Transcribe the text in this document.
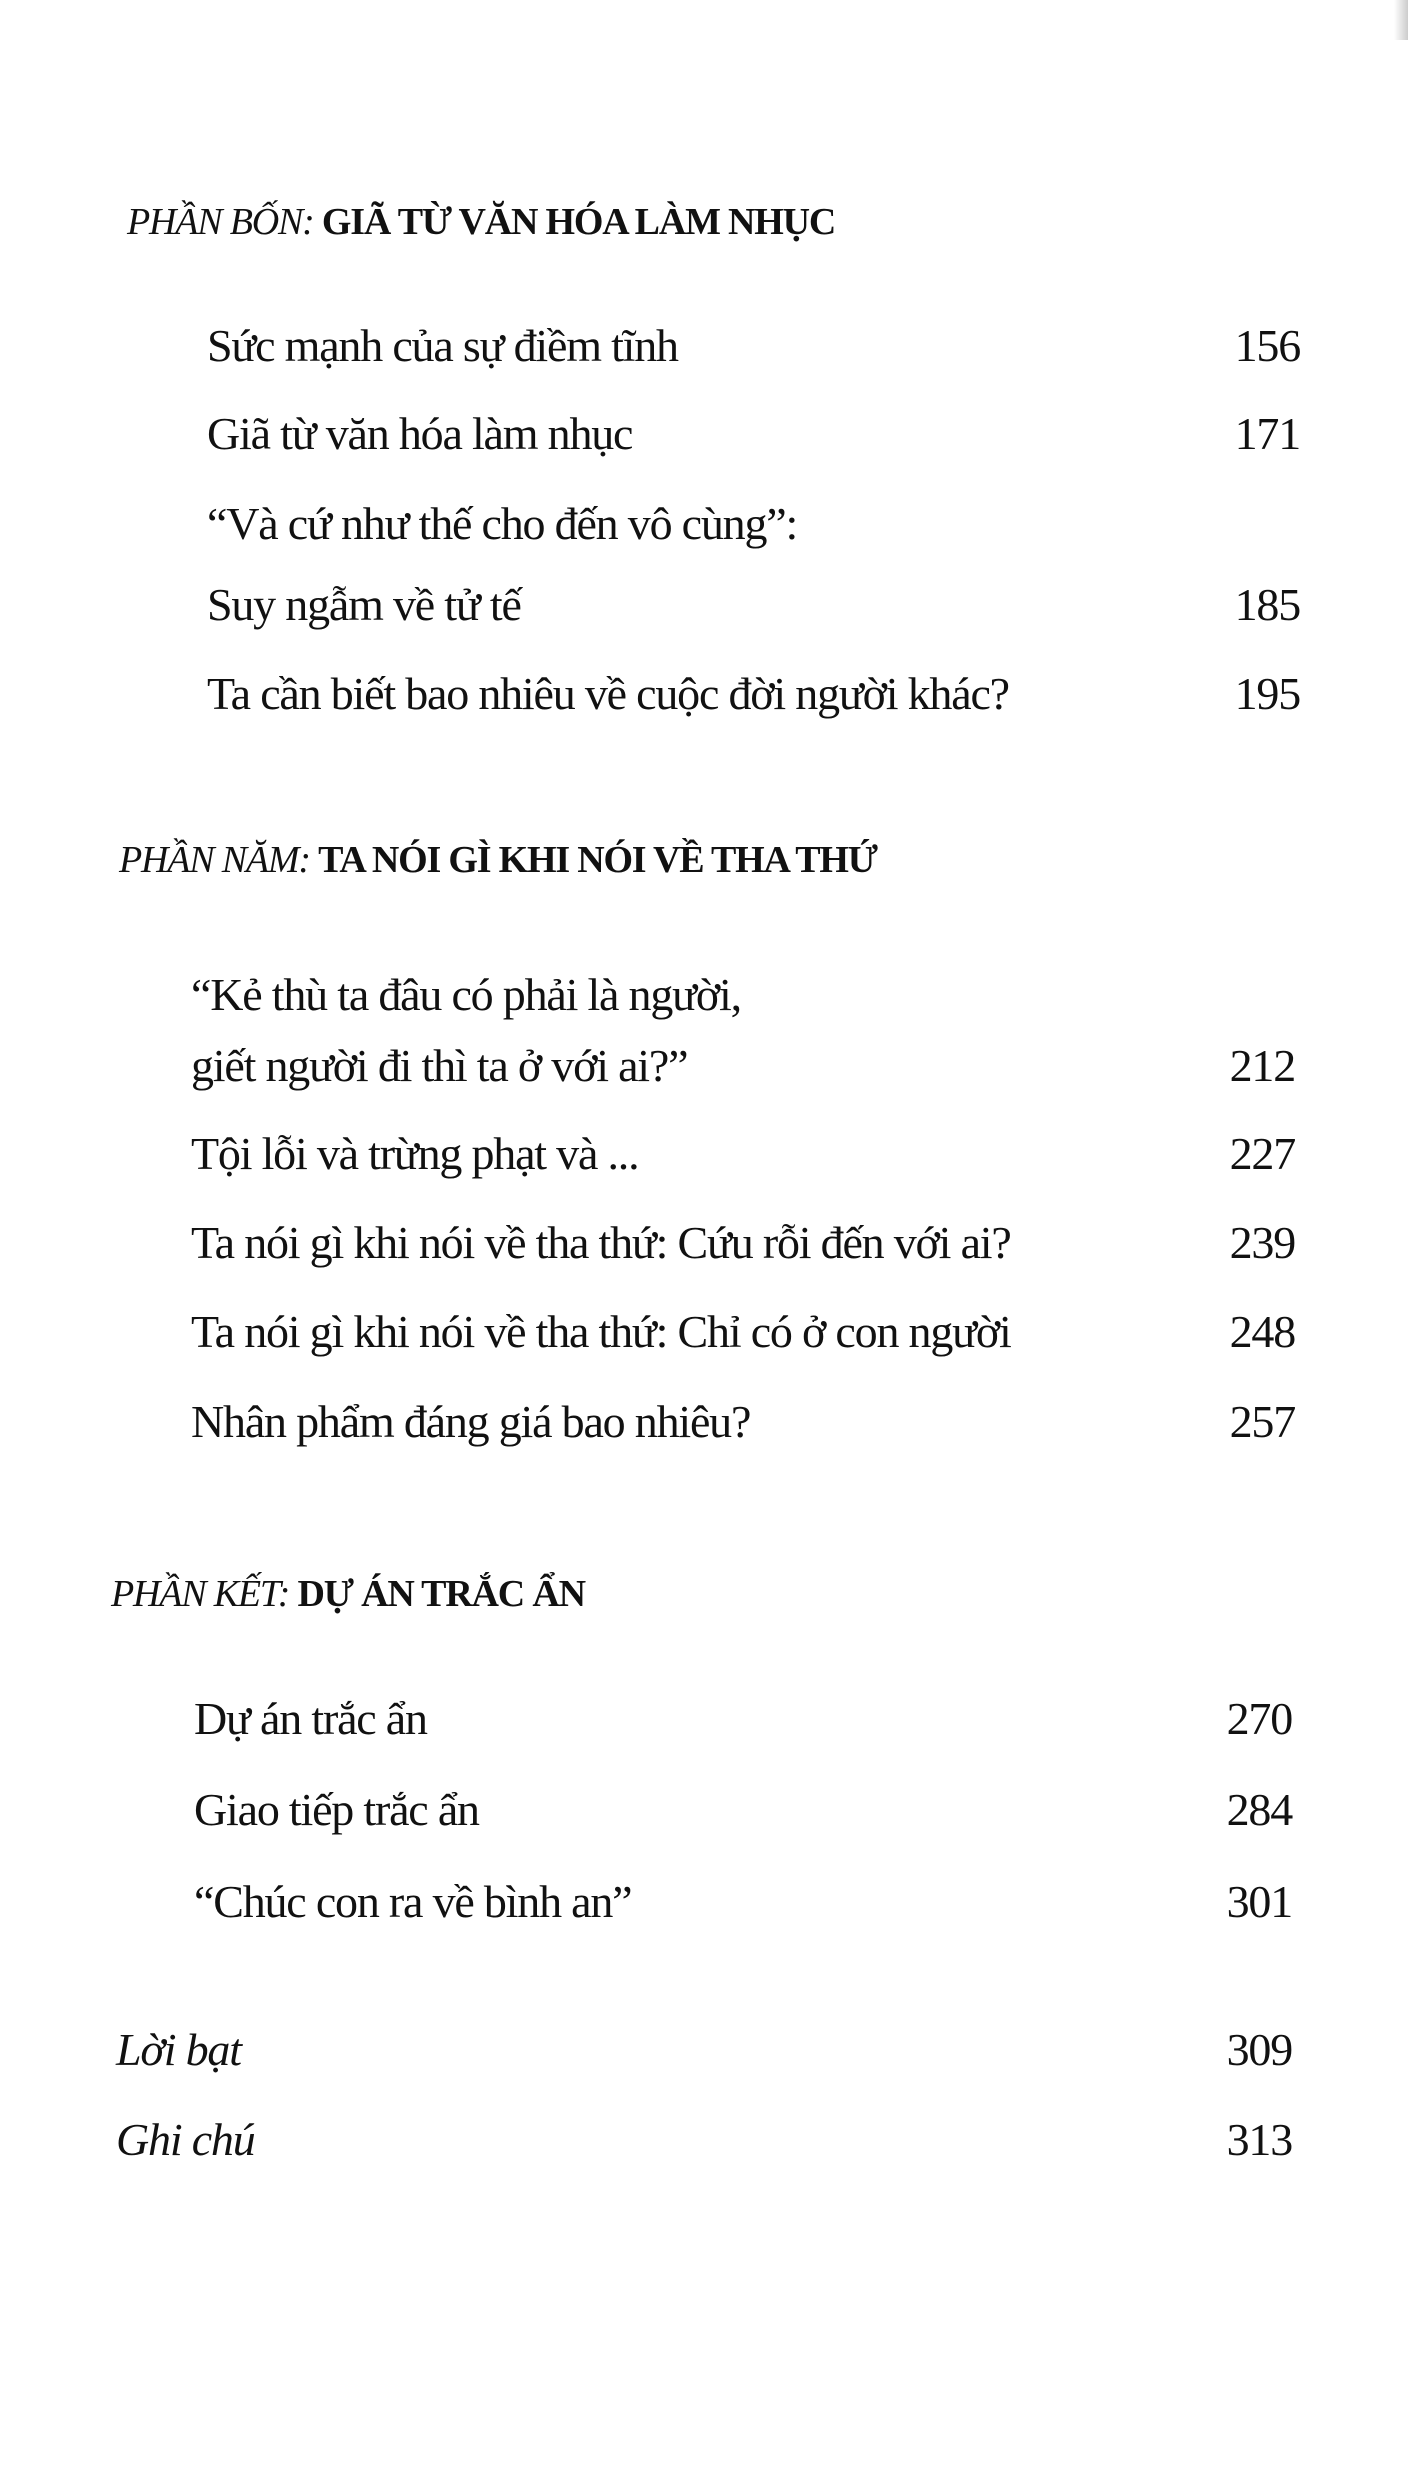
PHẦN BỐN: GIÃ TỪ VĂN HÓA LÀM NHỤC
Sức mạnh của sự điềm tĩnh	156
Giã từ văn hóa làm nhục	171
“Và cứ như thế cho đến vô cùng”:
Suy ngẫm về tử tế	185
Ta cần biết bao nhiêu về cuộc đời người khác?	195
PHẦN NĂM: TA NÓI GÌ KHI NÓI VỀ THA THỨ
“Kẻ thù ta đâu có phải là người,
giết người đi thì ta ở với ai?”	212
Tội lỗi và trừng phạt và ...	227
Ta nói gì khi nói về tha thứ: Cứu rỗi đến với ai?	239
Ta nói gì khi nói về tha thứ: Chỉ có ở con người	248
Nhân phẩm đáng giá bao nhiêu?	257
PHẦN KẾT: DỰ ÁN TRẮC ẨN
Dự án trắc ẩn	270
Giao tiếp trắc ẩn	284
“Chúc con ra về bình an”	301
Lời bạt	309
Ghi chú	313
